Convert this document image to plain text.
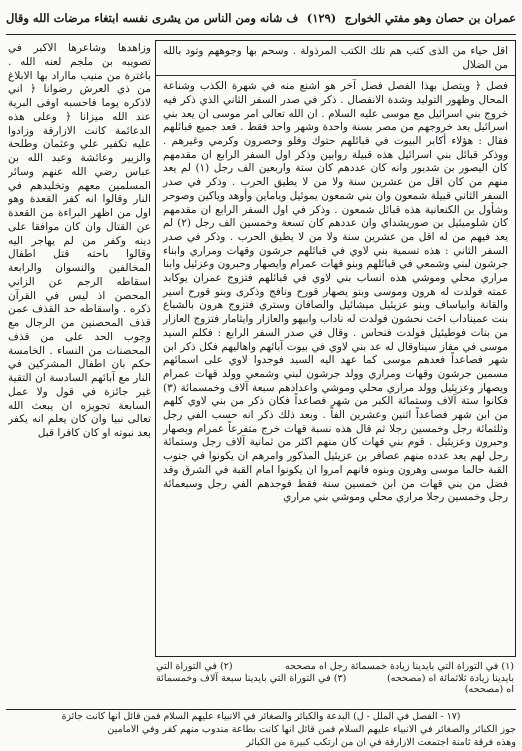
عمران بن حصان وهو مفتي الخوارج
(١٢٩)
ف شانه ومن الناس من يشرى نفسه ابتغاء مرضات الله وقال
اقل حياء من الذى كتب هم تلك الكتب المرذولة . وسحم بها وجوههم وتود بالله من الضلال

فصل ﴿ ويتصل بهذا الفصل فصل آخر هو اشنع منه في شهرة الكذب وشناعة المحال وظهور التوليد وشدة الانفصال . ذكر في صدر السفر الثاني الذي ذكر فيه خروج بني اسرائيل مع موسى عليه السلام . ان الله تعالى امر موسى ان يعد بني اسرائيل بعد خروجهم من مصر بسنة واحدة وشهر واحد فقط . فعد جميع قبائلهم فقال : هؤلاء أكابر البيوت في قبائلهم حتوك وفلو وحصرون وكرمي وغيرهم . ووذكر قبائل بني اسرائيل هذه قبيلة روابين وذكر اول السفر الرابع ان مقدمهم كان اليصور بن شديور وانه كان عددهم كان ستة واربعين الف رجل (١) لم يعد منهم من كان اقل من عشرين سنة ولا من لا يطيق الحرب . وذكر في صدر السفر الثاني قبيلة شمعون وان بني شمعون يموئيل وياماين وأوهد وياكين وصوحر وشأول بن الكنعانية هذه قبائل شمعون . وذكر في اول السفر الرابع ان مقدمهم كان شلوميئيل بن صوريشداي وان عددهم كان تسعة وخمسين الف رجل (٢) لم يعد فيهم من له اقل من عشرين سنة ولا من لا يطيق الحرب . وذكر في صدر السفر الثاني : هذه تسمية بني لاوي في قبائلهم جرشون وقهات ومراري وابناء جرشون لبني وشمعي في قبائلهم وبنو قهات عمرام وايصهار وحبرون وعزئيل وابنا مراري محلي وموشي هذه انساب بني لاوي في قبائلهم فتزوج عمران يوكابد عمته فولدت له هرون وموسى وبنو يصهار قورح ونافج وذكرى وبنو قورح اسير والقانة وابياساف وبنو عزيئيل ميشائيل والصافان وستري فتزوج هرون بالشباع بنت عميناداب اخت نحشون فولدت له ناداب وابيهو والعازار وايثامار فتزوج العازار من بنات فوطيئيل فولدت فنحاس . وقال في صدر السفر الرابع : فكلم السيد موسى في مفاز سيناوقال له عد بني لاوي في بيوت آبائهم واهاليهم فكل ذكر ابن شهر فصاعداً فعدهم موسى كما عهد اليه السيد فوجدوا لاوي على اسمائهم مسمين جرشون وقهات ومراري وولد جرشون لبني وشمعي وولد قهات عمرام ويصهار وعزيئيل وولد مراري محلي وموشي واعدادهم سبعة آلاف وخمسمائة (٣) فكانوا ستة آلاف وستمائة الكبر من شهر فصاعداً فكان ذكر من بني لاوي كلهم من ابن شهر فصاعداً اثنين وعشرين الفاً . وبعد ذلك ذكر انه حسب الفي رجل وثلثمائة رجل وخمسين رجلا ثم قال هذه نسبة قهات خرج متفرعاً عمرام وبصهار وحبرون وعزيئيل . قوم بني قهات كان منهم اكثر من ثمانية آلاف رجل وستمائة رجل لهم يعد عدده منهم عصافر بن عزيئيل المذكور وامرهم ان يكونوا في جنوب القبة حالما موسى وهرون وبنوه فانهم امروا ان يكونوا امام القبة في الشرق وقد فضل من بني قهات من ابن خمسين سنة فقط فوجدهم الفي رجل وسبعمائة رجل وخمسين رجلا مراري محلي وموشي بني مراري

وزاهدها وشاعرها الاكبر في تصويبه بن ملجم لعنه الله . باغترة من منيب مااراد بها الابلاغ من ذي العرش رضوانا ﴿ اني لاذكره يوما فاحسبه اوفى البرية عند الله ميزانا ﴿ وعلى هذه الدعائمة كانت الازارقة وزادوا عليه تكفير علي وعثمان وطلحة والزبير وعائشة وعبد الله بن عباس رضي الله عنهم وسائر المسلمين معهم وتخليدهم في النار وقالوا انه كفر القعدة وهو اول من اظهر البراءة من القعدة عن القتال وان كان موافقا على دينه وكفر من لم يهاجر اليه وقالوا باحته قتل اطفال المخالفين والنسوان والرابعة اسقاطه الرجم عن الزاني المحصن اذ ليس في القرآن ذكره . واسقاطه حد القذف عمن قذف المحصنين من الرجال مع وجوب الحد على من قذف المحصنات من النساء . الخامسة حكم بان اطفال المشركين في النار مع آبائهم السادسة ان التقية غير جائزة في قول ولا عمل السابعة تجويزه ان يبعث الله تعالى نبيا وان كان يعلم انه يكفر بعد نبوته او كان كافرا قبل

(١) في التوراة التي بايدينا زيادة خمسمائة رجل اه مصححه
(٢) في التوراة التي
بايدينا زيادة ثلاثمائة اه (مصححه)
(٣) في التوراة التي بايدينا سبعة آلاف وخمسمائة
اه (مصححه)
(١٧ - الفصل في الملل - ل) البدعة والكبائر والصغائر في الانبياء عليهم السلام فمن قائل انها كانت جائزة
جوز الكبائر والصغائر في الانبياء عليهم السلام فمن قائل انها كانت بطاعة مندوب منهم كفر وفي الامامين
وهذه فرقة ثامنة اجتمعت الازارقة في ان من ارتكب كبيرة من الكبائر
